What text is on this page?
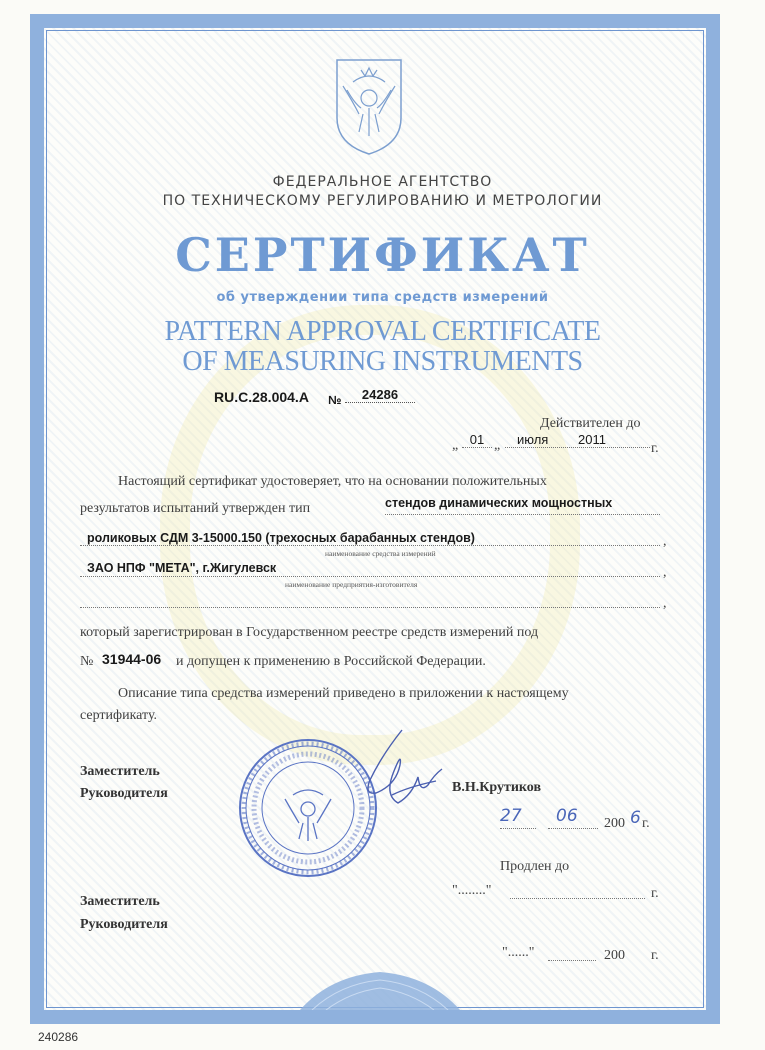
ФЕДЕРАЛЬНОЕ АГЕНТСТВО
ПО ТЕХНИЧЕСКОМУ РЕГУЛИРОВАНИЮ И МЕТРОЛОГИИ
СЕРТИФИКАТ
об утверждении типа средств измерений
PATTERN APPROVAL CERTIFICATE
OF MEASURING INSTRUMENTS
RU.C.28.004.A №	24286
Действителен до
„ 01 „	июля 2011
г.
Настоящий сертификат удостоверяет, что на основании положительных
результатов испытаний утвержден тип	стендов динамических мощностных
роликовых СДМ 3-15000.150 (трехосных барабанных стендов)	,
наименование средства измерений
ЗАО НПФ "МЕТА", г.Жигулевск	,
наименование предприятия-изготовителя
,
который зарегистрирован в Государственном реестре средств измерений под
№ 31944-06 и допущен к применению в Российской Федерации.
Описание типа средства измерений приведено в приложении к настоящему
сертификату.
Заместитель
Руководителя	В.Н.Крутиков
27 06 200 6 г.
Продлен до
"........"	г.
Заместитель
Руководителя
"......"	200 г.
240286
